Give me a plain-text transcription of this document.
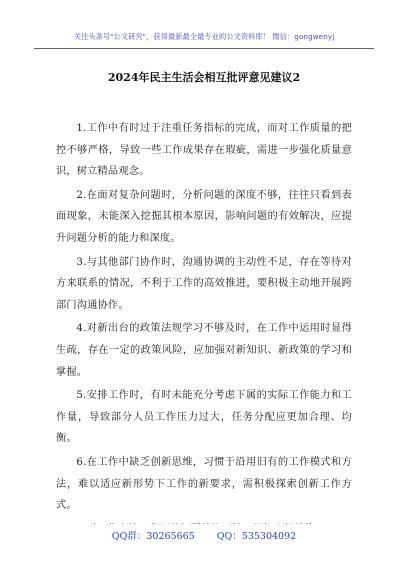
关注头条号"公文研究"，获得最新最全最专业的公文资料库！ 微信：gongwenyj
2024年民主生活会相互批评意见建议2

1.工作中有时过于注重任务指标的完成，而对工作质量的把控不够严格，导致一些工作成果存在瑕疵，需进一步强化质量意识，树立精品观念。

2.在面对复杂问题时，分析问题的深度不够，往往只看到表面现象，未能深入挖掘其根本原因，影响问题的有效解决，应提升问题分析的能力和深度。

3.与其他部门协作时，沟通协调的主动性不足，存在等待对方来联系的情况，不利于工作的高效推进，要积极主动地开展跨部门沟通协作。

4.对新出台的政策法规学习不够及时，在工作中运用时显得生疏，存在一定的政策风险，应加强对新知识、新政策的学习和掌握。

5.安排工作时，有时未能充分考虑下属的实际工作能力和工作量，导致部分人员工作压力过大，任务分配应更加合理、均衡。

6.在工作中缺乏创新思维，习惯于沿用旧有的工作模式和方法，难以适应新形势下工作的新要求，需积极探索创新工作方式。

QQ群：30265665 QQ：535304092
